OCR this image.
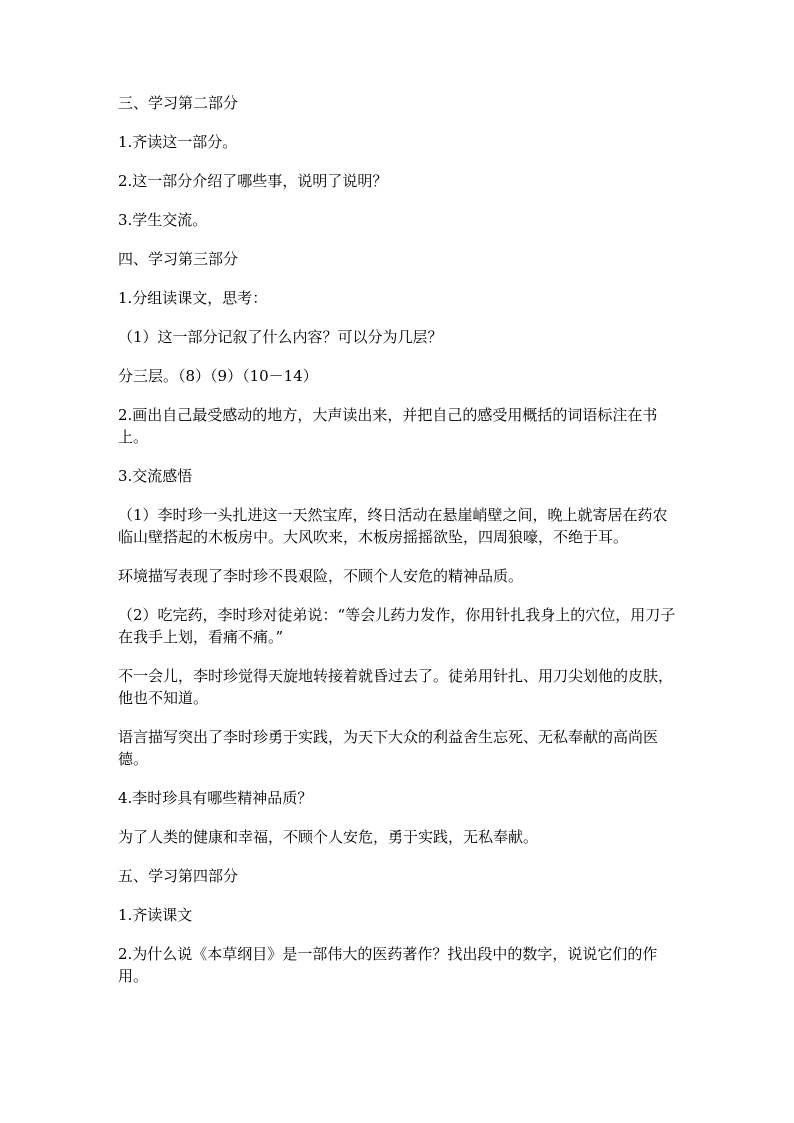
三、学习第二部分

1.齐读这一部分。

2.这一部分介绍了哪些事，说明了说明？

3.学生交流。

四、学习第三部分

1.分组读课文，思考：

（1）这一部分记叙了什么内容？可以分为几层？

分三层。（8）（9）（10－14）

2.画出自己最受感动的地方，大声读出来，并把自己的感受用概括的词语标注在书上。

3.交流感悟

（1）李时珍一头扎进这一天然宝库，终日活动在悬崖峭壁之间，晚上就寄居在药农临山壁搭起的木板房中。大风吹来，木板房摇摇欲坠，四周狼嚎，不绝于耳。

环境描写表现了李时珍不畏艰险，不顾个人安危的精神品质。

（2）吃完药，李时珍对徒弟说：“等会儿药力发作，你用针扎我身上的穴位，用刀子在我手上划，看痛不痛。”

不一会儿，李时珍觉得天旋地转接着就昏过去了。徒弟用针扎、用刀尖划他的皮肤，他也不知道。

语言描写突出了李时珍勇于实践，为天下大众的利益舍生忘死、无私奉献的高尚医德。

4.李时珍具有哪些精神品质？

为了人类的健康和幸福，不顾个人安危，勇于实践，无私奉献。

五、学习第四部分

1.齐读课文

2.为什么说《本草纲目》是一部伟大的医药著作？找出段中的数字，说说它们的作用。
